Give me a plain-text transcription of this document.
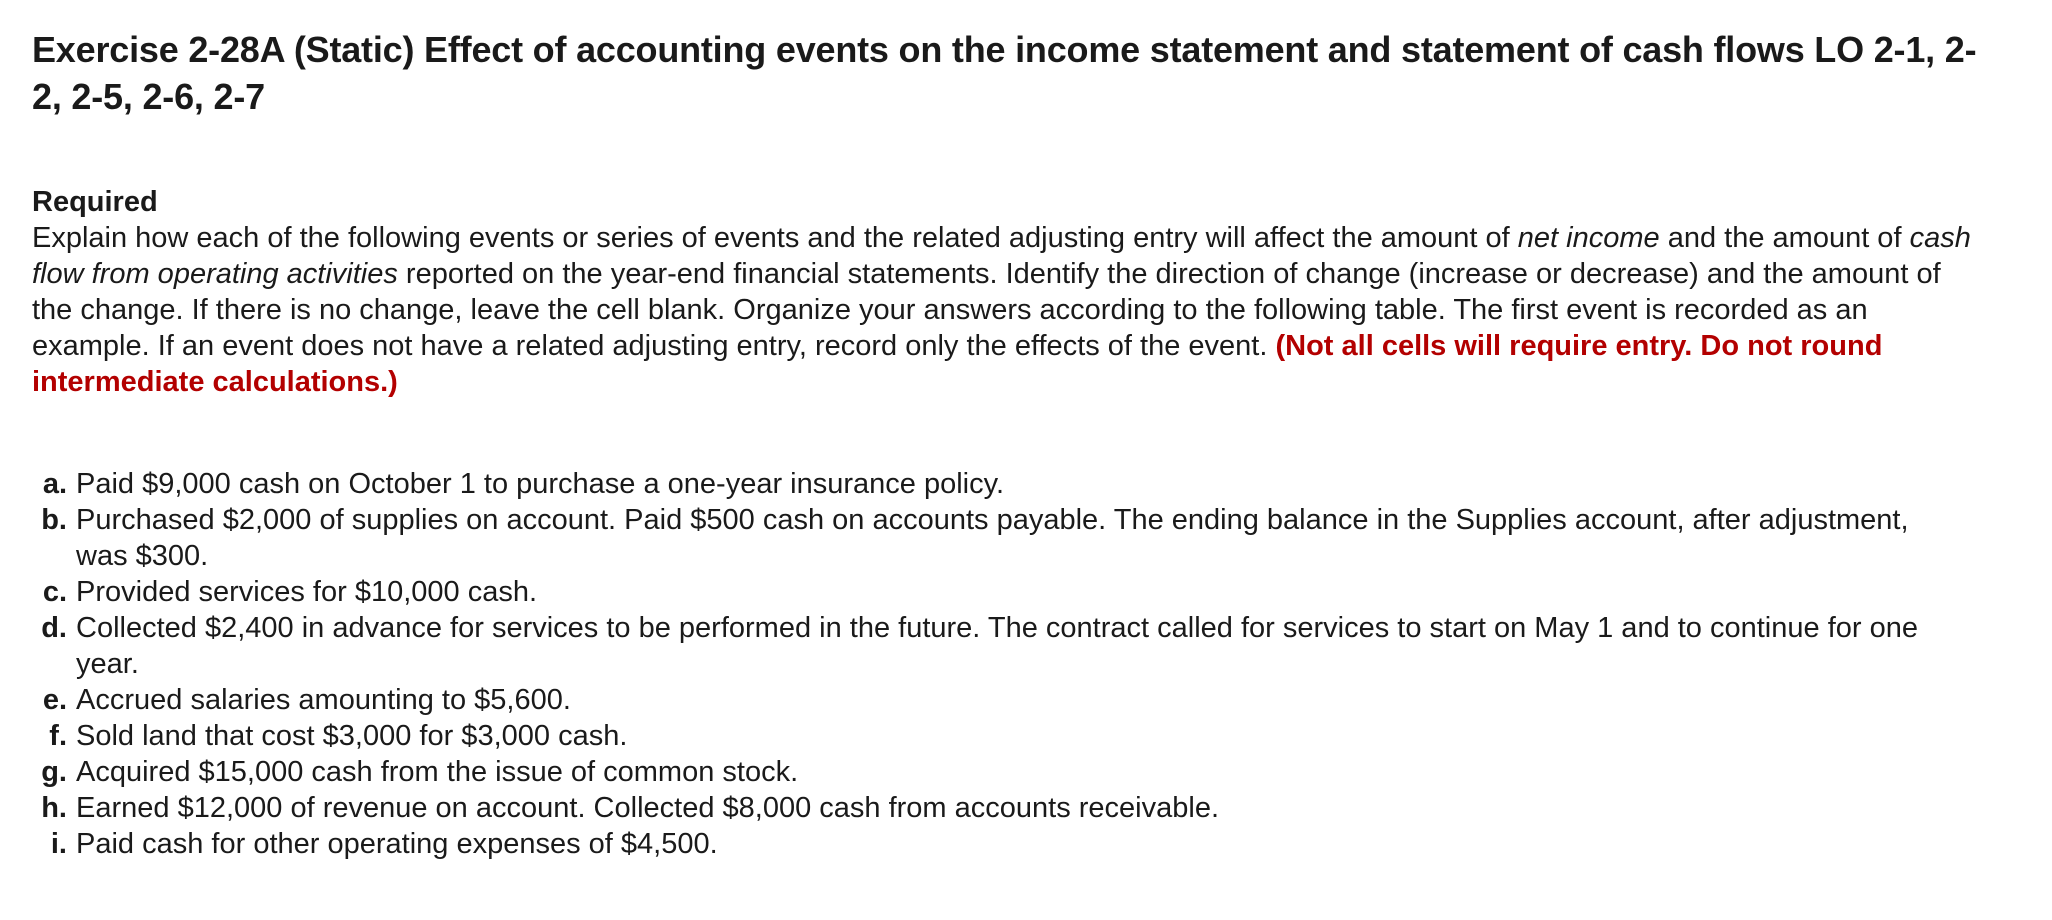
Exercise 2-28A (Static) Effect of accounting events on the income statement and statement of cash flows LO 2-1, 2-2, 2-5, 2-6, 2-7
Required

Explain how each of the following events or series of events and the related adjusting entry will affect the amount of net income and the amount of cash flow from operating activities reported on the year-end financial statements. Identify the direction of change (increase or decrease) and the amount of the change. If there is no change, leave the cell blank. Organize your answers according to the following table. The first event is recorded as an example. If an event does not have a related adjusting entry, record only the effects of the event. (Not all cells will require entry. Do not round intermediate calculations.)

a. Paid $9,000 cash on October 1 to purchase a one-year insurance policy.
b. Purchased $2,000 of supplies on account. Paid $500 cash on accounts payable. The ending balance in the Supplies account, after adjustment, was $300.
c. Provided services for $10,000 cash.
d. Collected $2,400 in advance for services to be performed in the future. The contract called for services to start on May 1 and to continue for one year.
e. Accrued salaries amounting to $5,600.
f. Sold land that cost $3,000 for $3,000 cash.
g. Acquired $15,000 cash from the issue of common stock.
h. Earned $12,000 of revenue on account. Collected $8,000 cash from accounts receivable.
i. Paid cash for other operating expenses of $4,500.
